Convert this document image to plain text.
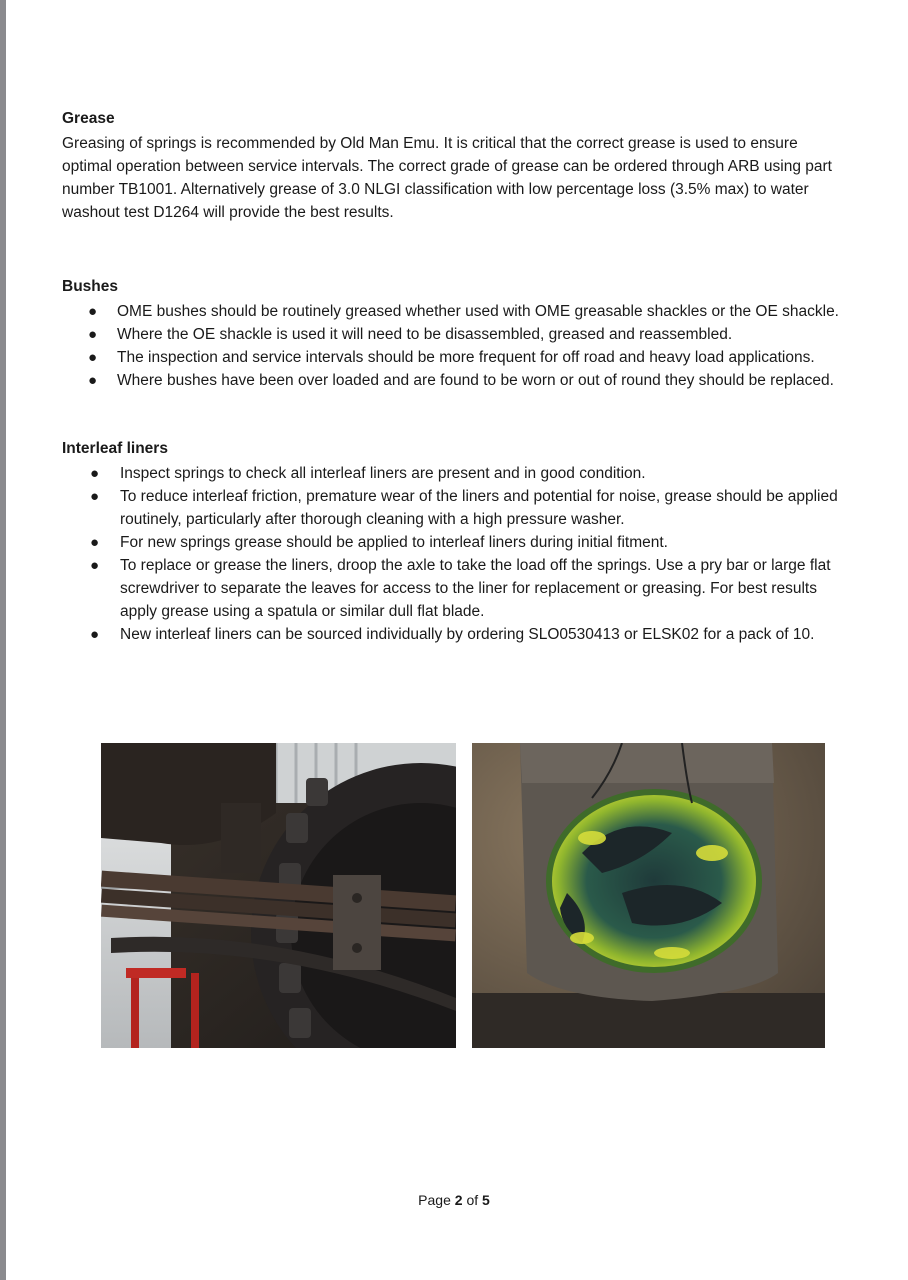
Grease

Greasing of springs is recommended by Old Man Emu. It is critical that the correct grease is used to ensure optimal operation between service intervals. The correct grade of grease can be ordered through ARB using part number TB1001. Alternatively grease of 3.0 NLGI classification with low percentage loss (3.5% max) to water washout test D1264 will provide the best results.

Bushes
● OME bushes should be routinely greased whether used with OME greasable shackles or the OE shackle.
● Where the OE shackle is used it will need to be disassembled, greased and reassembled.
● The inspection and service intervals should be more frequent for off road and heavy load applications.
● Where bushes have been over loaded and are found to be worn or out of round they should be replaced.
Interleaf liners
● Inspect springs to check all interleaf liners are present and in good condition.
● To reduce interleaf friction, premature wear of the liners and potential for noise, grease should be applied routinely, particularly after thorough cleaning with a high pressure washer.
● For new springs grease should be applied to interleaf liners during initial fitment.
● To replace or grease the liners, droop the axle to take the load off the springs. Use a pry bar or large flat screwdriver to separate the leaves for access to the liner for replacement or greasing. For best results apply grease using a spatula or similar dull flat blade.
● New interleaf liners can be sourced individually by ordering SLO0530413 or ELSK02 for a pack of 10.
Page 2 of 5
